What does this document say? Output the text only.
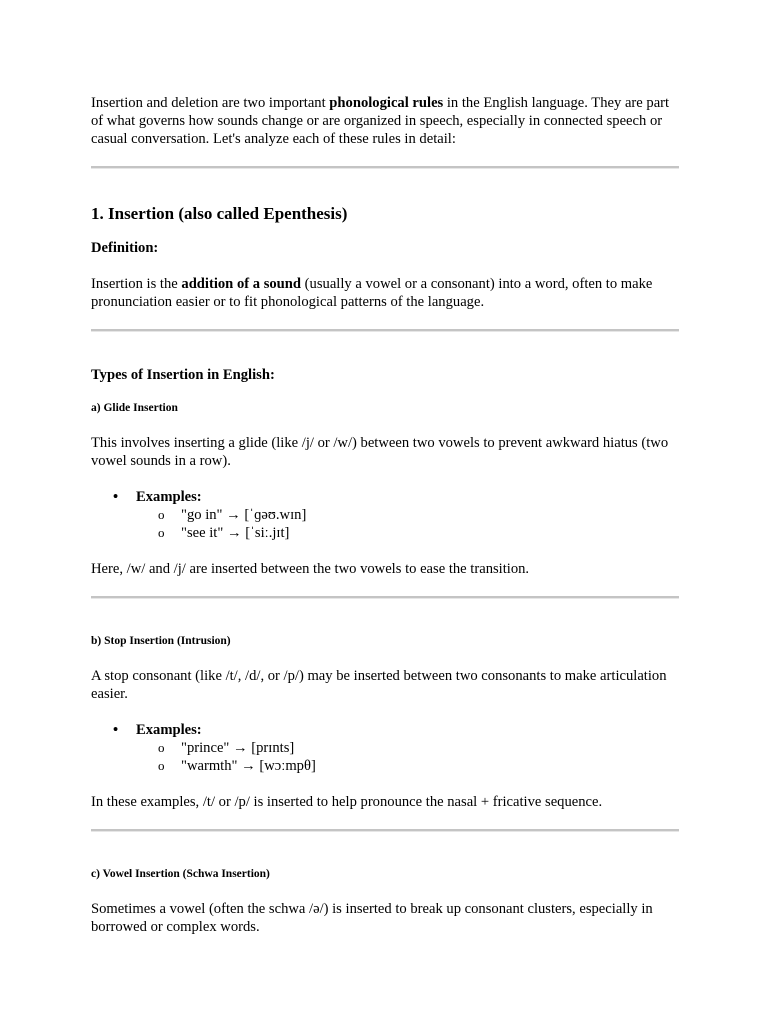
Insertion and deletion are two important phonological rules in the English language. They are part of what governs how sounds change or are organized in speech, especially in connected speech or casual conversation. Let's analyze each of these rules in detail:

1. Insertion (also called Epenthesis)

Definition:

Insertion is the addition of a sound (usually a vowel or a consonant) into a word, often to make pronunciation easier or to fit phonological patterns of the language.

Types of Insertion in English:

a) Glide Insertion

This involves inserting a glide (like /j/ or /w/) between two vowels to prevent awkward hiatus (two vowel sounds in a row).

• Examples:
o "go in" → [ˈɡəʊ.wɪn]
o "see it" → [ˈsiː.jɪt]

Here, /w/ and /j/ are inserted between the two vowels to ease the transition.

b) Stop Insertion (Intrusion)

A stop consonant (like /t/, /d/, or /p/) may be inserted between two consonants to make articulation easier.

• Examples:
o "prince" → [prɪnts]
o "warmth" → [wɔːmpθ]

In these examples, /t/ or /p/ is inserted to help pronounce the nasal + fricative sequence.

c) Vowel Insertion (Schwa Insertion)

Sometimes a vowel (often the schwa /ə/) is inserted to break up consonant clusters, especially in borrowed or complex words.
